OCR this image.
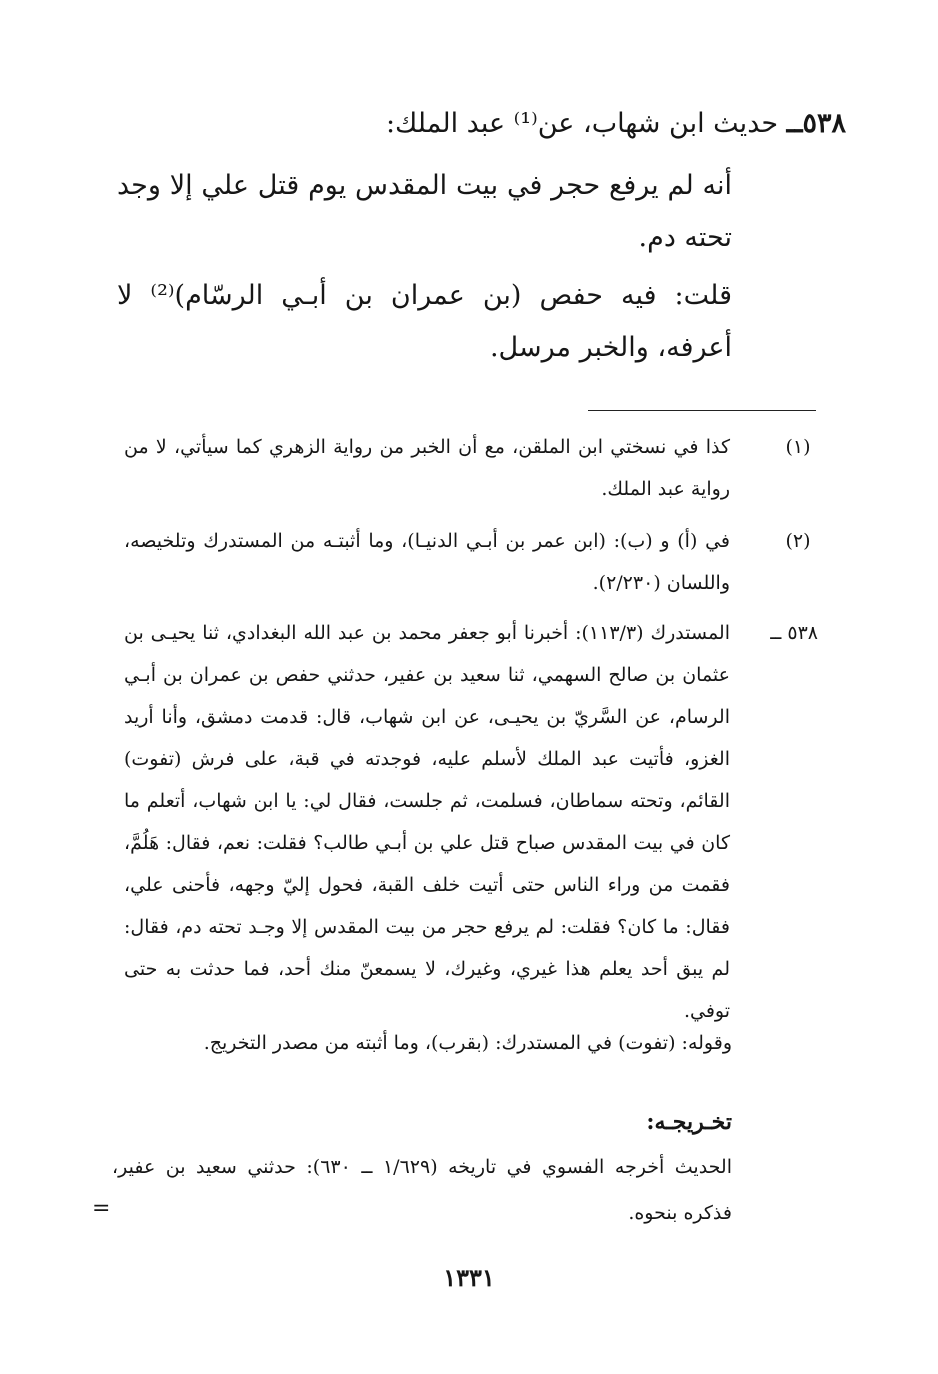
٥٣٨ــ حديث ابن شهاب، عن⁽¹⁾ عبد الملك:
أنه لم يرفع حجر في بيت المقدس يوم قتل علي إلا وجد تحته دم.
قلت: فيه حفص (بن عمران بن أبـي الرسّام)⁽²⁾ لا أعرفه، والخبر مرسل.
(١)
كذا في نسختي ابن الملقن، مع أن الخبر من رواية الزهري كما سيأتي، لا من رواية عبد الملك.
(٢)
في (أ) و (ب): (ابن عمر بن أبـي الدنيـا)، وما أثبتـه من المستدرك وتلخيصه، واللسان (٢/٢٣٠).
٥٣٨ ــ
المستدرك (١١٣/٣): أخبرنا أبو جعفر محمد بن عبد الله البغدادي، ثنا يحيـى بن عثمان بن صالح السهمي، ثنا سعيد بن عفير، حدثني حفص بن عمران بن أبـي الرسام، عن السَّريّ بن يحيـى، عن ابن شهاب، قال: قدمت دمشق، وأنا أريد الغزو، فأتيت عبد الملك لأسلم عليه، فوجدته في قبة، على فرش (تفوت) القائم، وتحته سماطان، فسلمت، ثم جلست، فقال لي: يا ابن شهاب، أتعلم ما كان في بيت المقدس صباح قتل علي بن أبـي طالب؟ فقلت: نعم، فقال: هَلُمَّ، فقمت من وراء الناس حتى أتيت خلف القبة، فحول إليّ وجهه، فأحنى علي، فقال: ما كان؟ فقلت: لم يرفع حجر من بيت المقدس إلا وجـد تحته دم، فقال: لم يبق أحد يعلم هذا غيري، وغيرك، لا يسمعنّ منك أحد، فما حدثت به حتى توفي.
وقوله: (تفوت) في المستدرك: (بقرب)، وما أثبته من مصدر التخريج.
تخـريجـه:
الحديث أخرجه الفسوي في تاريخه (١/٦٢٩ ــ ٦٣٠): حدثني سعيد بن عفير، فذكره بنحوه.
=
١٣٣١
